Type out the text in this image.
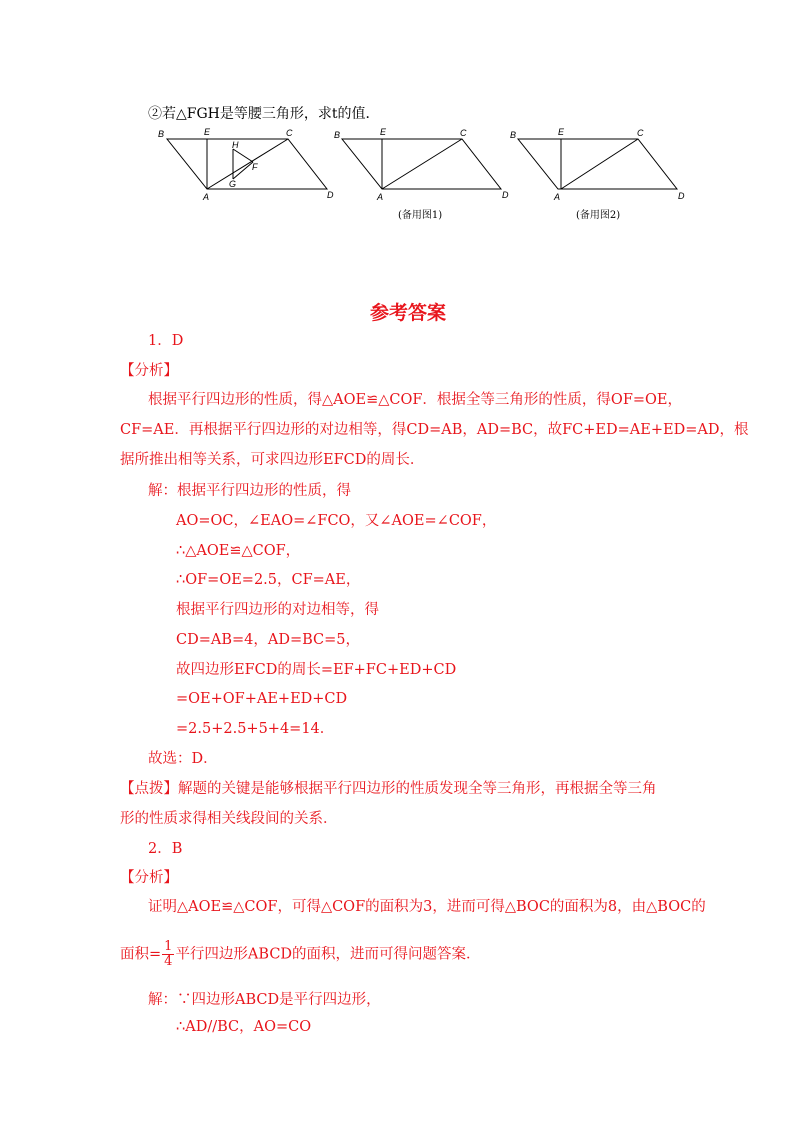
②若△FGH是等腰三角形，求t的值．
B	E	C
A	D
H
F
G
B	E	C
A	D
(备用图1)
B	E	C
A	D
(备用图2)
参考答案
1．D
【分析】
根据平行四边形的性质，得△AOE≌△COF．根据全等三角形的性质，得OF=OE，
CF=AE．再根据平行四边形的对边相等，得CD=AB，AD=BC，故FC+ED=AE+ED=AD，根
据所推出相等关系，可求四边形EFCD的周长．
解：根据平行四边形的性质，得
AO=OC，∠EAO=∠FCO，又∠AOE=∠COF，
∴△AOE≌△COF，
∴OF=OE=2.5，CF=AE，
根据平行四边形的对边相等，得
CD=AB=4，AD=BC=5，
故四边形EFCD的周长=EF+FC+ED+CD
=OE+OF+AE+ED+CD
=2.5+2.5+5+4=14．
故选：D．
【点拨】解题的关键是能够根据平行四边形的性质发现全等三角形，再根据全等三角
形的性质求得相关线段间的关系．
2．B
【分析】
证明△AOE≌△COF，可得△COF的面积为3，进而可得△BOC的面积为8，由△BOC的
面积= $\frac{1}{4}$ 平行四边形ABCD的面积，进而可得问题答案．
解：∵四边形ABCD是平行四边形，
∴AD//BC，AO=CO
